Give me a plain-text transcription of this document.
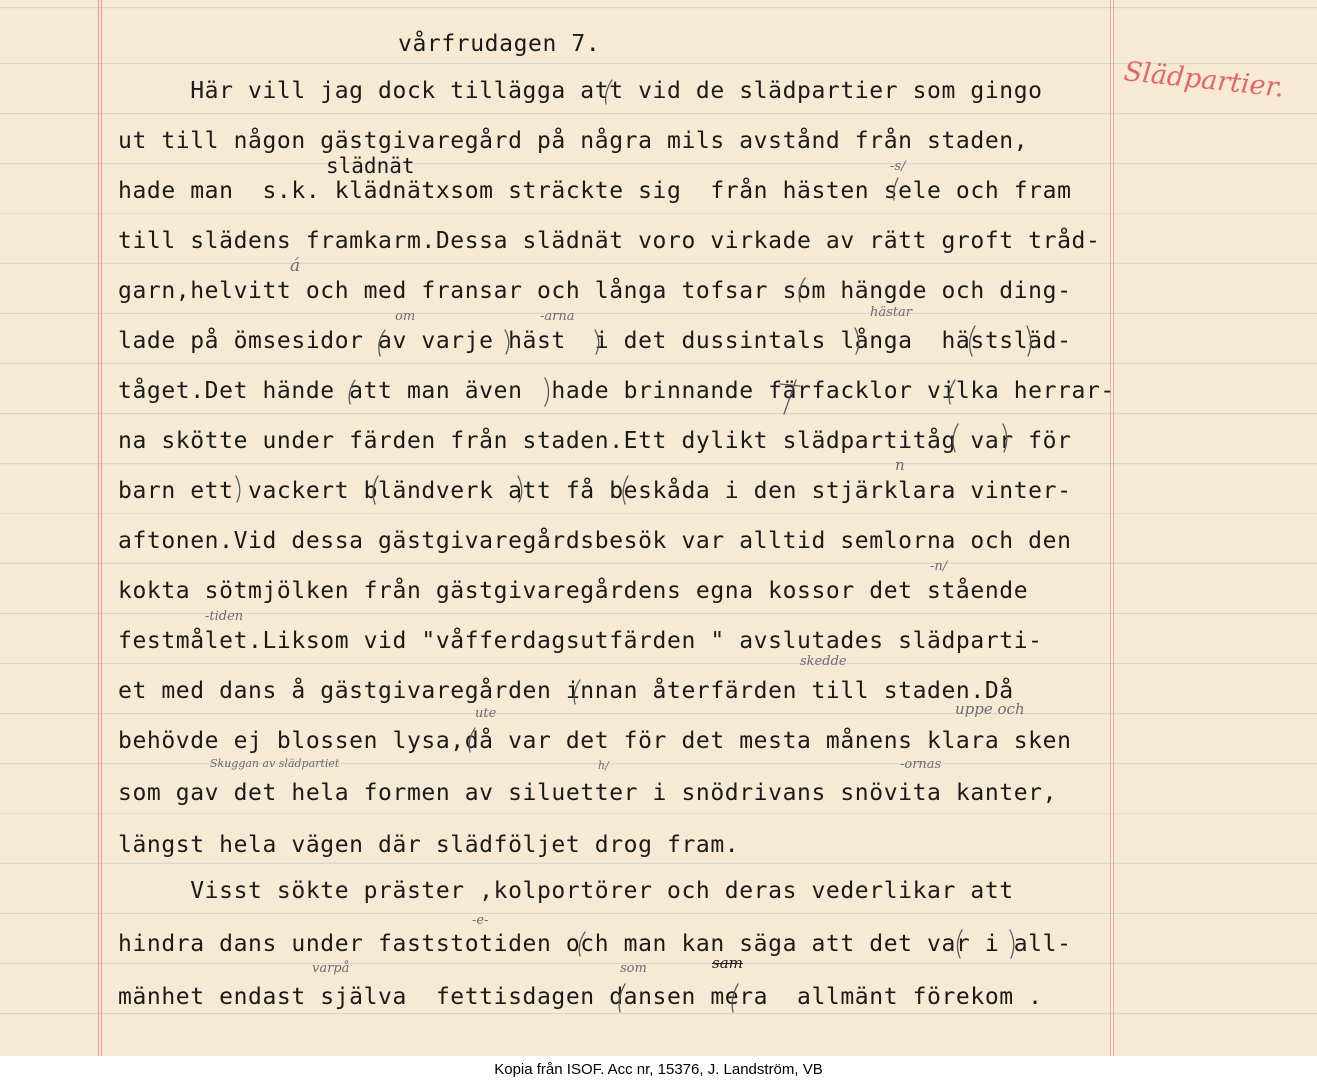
vårfrudagen 7.
Slädpartier.
Här vill jag dock tillägga att vid de slädpartier som gingo
ut till någon gästgivaregård på några mils avstånd från staden,
hade man  s.k. klädnätxsom sträckte sig  från hästen sele och fram
till slädens framkarm.Dessa slädnät voro virkade av rätt groft tråd-
garn,helvitt och med fransar och långa tofsar som hängde och ding-
lade på ömsesidor av varje häst  i det dussintals långa  hästsläd-
tåget.Det hände att man även  hade brinnande färfacklor vilka herrar-
na skötte under färden från staden.Ett dylikt slädpartitåg var för
barn ett vackert bländverk att få beskåda i den stjärklara vinter-
aftonen.Vid dessa gästgivaregårdsbesök var alltid semlorna och den
kokta sötmjölken från gästgivaregårdens egna kossor det stående
festmålet.Liksom vid "våfferdagsutfärden " avslutades slädparti-
et med dans å gästgivaregården innan återfärden till staden.Då
behövde ej blossen lysa,då var det för det mesta månens klara sken
som gav det hela formen av siluetter i snödrivans snövita kanter,
längst hela vägen där slädföljet drog fram.
Visst sökte präster ,kolportörer och deras vederlikar att
hindra dans under faststotiden och man kan säga att det var i all-
mänhet endast själva  fettisdagen dansen mera  allmänt förekom .
slädnät	-s/
á
om	-arna	hästar
n
-n/
-tiden
skedde
ute	uppe och
Skuggan av slädpartiet	h/	-ornas
-e-
varpå	som	sam
Kopia från ISOF. Acc nr, 15376, J. Landström, VB
